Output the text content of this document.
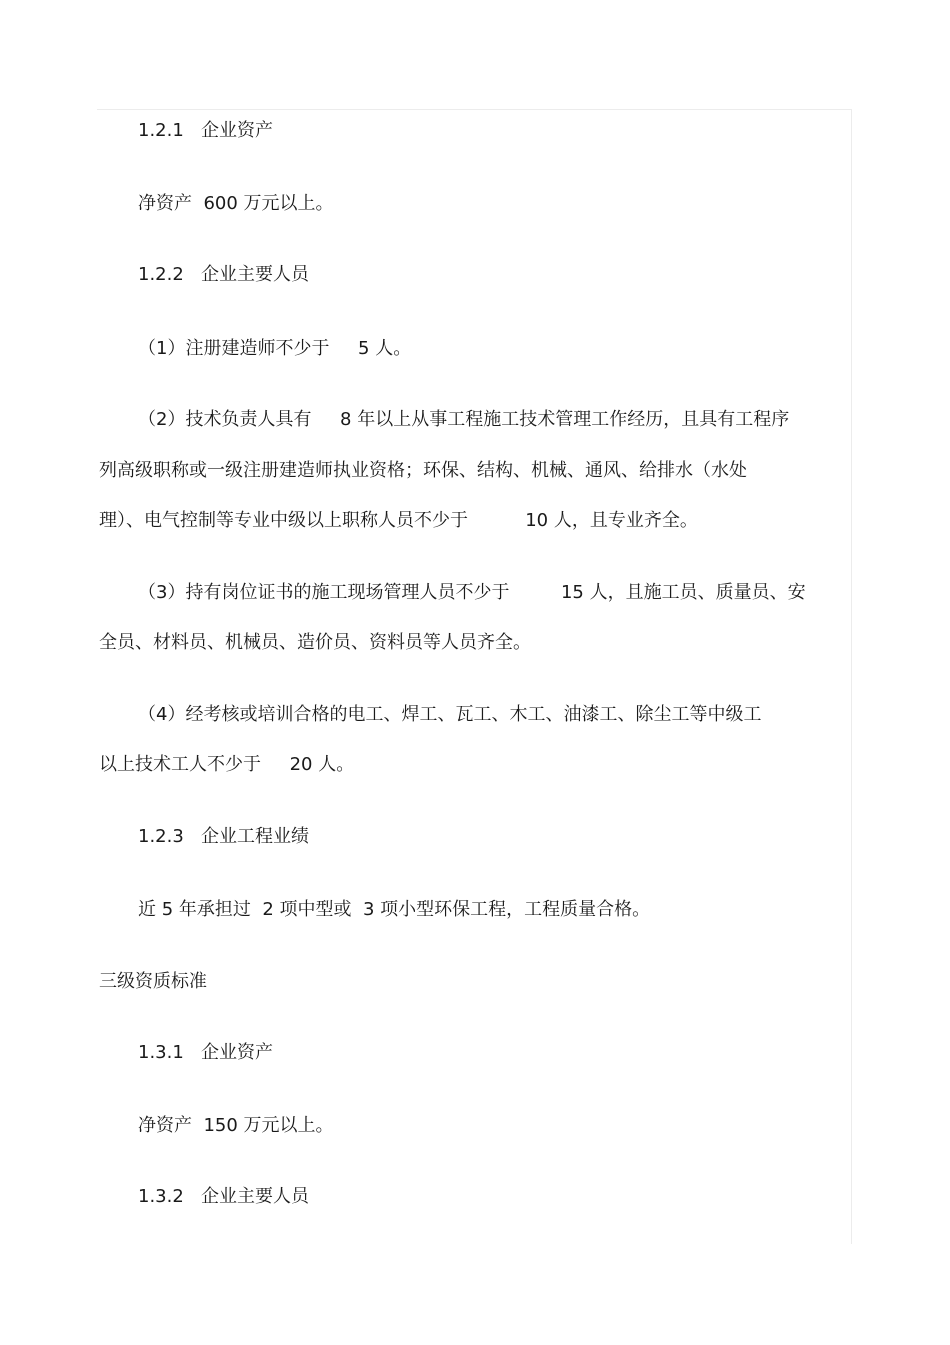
1.2.1   企业资产
净资产  600 万元以上。
1.2.2   企业主要人员
（1）注册建造师不少于     5 人。
（2）技术负责人具有     8 年以上从事工程施工技术管理工作经历，且具有工程序
列高级职称或一级注册建造师执业资格；环保、结构、机械、通风、给排水（水处
理）、电气控制等专业中级以上职称人员不少于          10 人，且专业齐全。
（3）持有岗位证书的施工现场管理人员不少于         15 人，且施工员、质量员、安
全员、材料员、机械员、造价员、资料员等人员齐全。
（4）经考核或培训合格的电工、焊工、瓦工、木工、油漆工、除尘工等中级工
以上技术工人不少于     20 人。
1.2.3   企业工程业绩
近 5 年承担过  2 项中型或  3 项小型环保工程，工程质量合格。
三级资质标准
1.3.1   企业资产
净资产  150 万元以上。
1.3.2   企业主要人员
